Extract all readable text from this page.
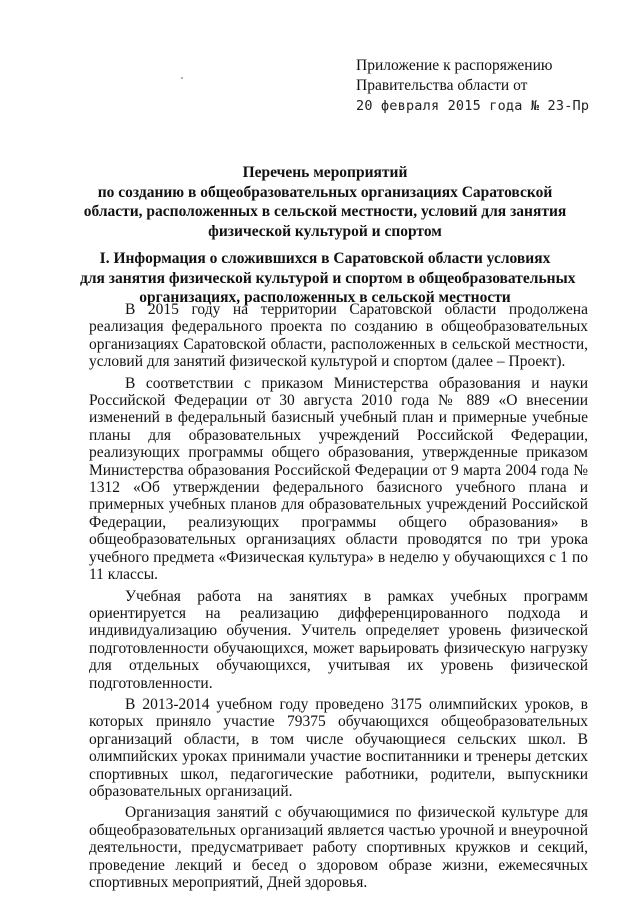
Приложение к распоряжению
Правительства области от
20 февраля 2015 года № 23-Пр
Перечень мероприятий
по созданию в общеобразовательных организациях Саратовской
области, расположенных в сельской местности, условий для занятия
физической культурой и спортом
I. Информация о сложившихся в Саратовской области условиях
для занятия физической культурой и спортом в общеобразовательных
организациях, расположенных в сельской местности

В 2015 году на территории Саратовской области продолжена реализация федерального проекта по созданию в общеобразовательных организациях Саратовской области, расположенных в сельской местности, условий для занятий физической культурой и спортом (далее – Проект).

В соответствии с приказом Министерства образования и науки Российской Федерации от 30 августа 2010 года № 889 «О внесении изменений в федеральный базисный учебный план и примерные учебные планы для образовательных учреждений Российской Федерации, реализующих программы общего образования, утвержденные приказом Министерства образования Российской Федерации от 9 марта 2004 года № 1312 «Об утверждении федерального базисного учебного плана и примерных учебных планов для образовательных учреждений Российской Федерации, реализующих программы общего образования» в общеобразовательных организациях области проводятся по три урока учебного предмета «Физическая культура» в неделю у обучающихся с 1 по 11 классы.

Учебная работа на занятиях в рамках учебных программ ориентируется на реализацию дифференцированного подхода и индивидуализацию обучения. Учитель определяет уровень физической подготовленности обучающихся, может варьировать физическую нагрузку для отдельных обучающихся, учитывая их уровень физической подготовленности.

В 2013-2014 учебном году проведено 3175 олимпийских уроков, в которых приняло участие 79375 обучающихся общеобразовательных организаций области, в том числе обучающиеся сельских школ. В олимпийских уроках принимали участие воспитанники и тренеры детских спортивных школ, педагогические работники, родители, выпускники образовательных организаций.

Организация занятий с обучающимися по физической культуре для общеобразовательных организаций является частью урочной и внеурочной деятельности, предусматривает работу спортивных кружков и секций, проведение лекций и бесед о здоровом образе жизни, ежемесячных спортивных мероприятий, Дней здоровья.
